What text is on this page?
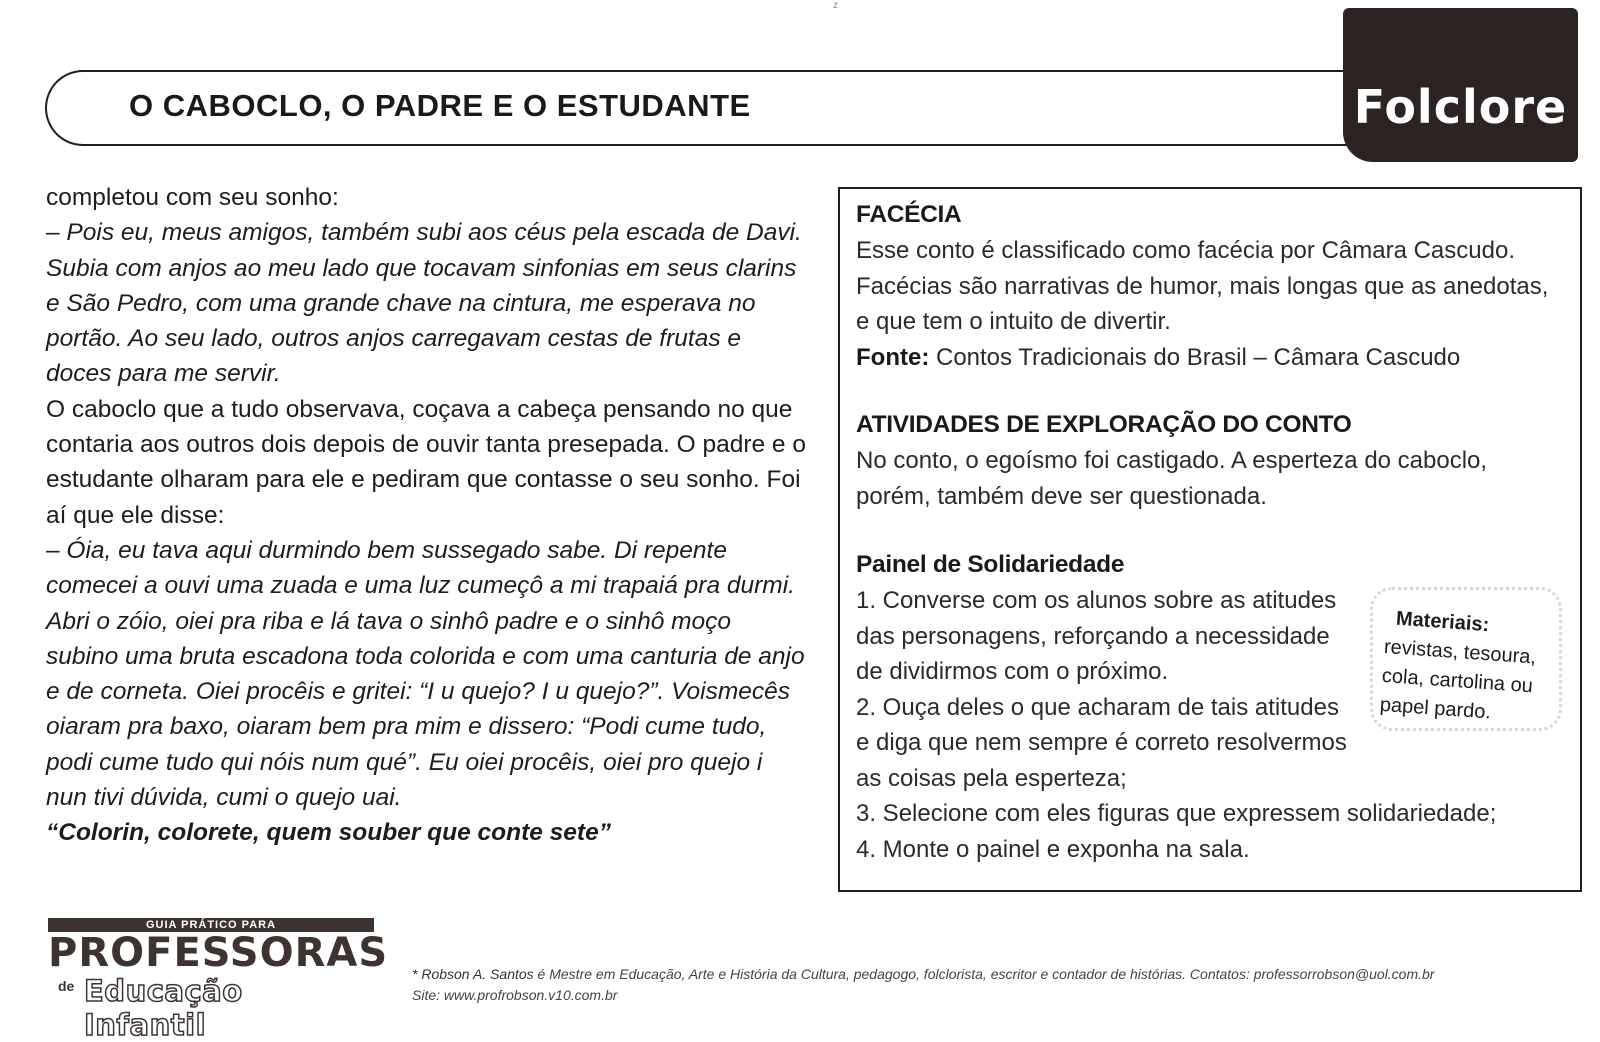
z
O CABOCLO, O PADRE E O ESTUDANTE	Folclore

completou com seu sonho:

– Pois eu, meus amigos, também subi aos céus pela escada de Davi. Subia com anjos ao meu lado que tocavam sinfonias em seus clarins e São Pedro, com uma grande chave na cintura, me esperava no portão. Ao seu lado, outros anjos carregavam cestas de frutas e doces para me servir.

O caboclo que a tudo observava, coçava a cabeça pensando no que contaria aos outros dois depois de ouvir tanta presepada. O padre e o estudante olharam para ele e pediram que contasse o seu sonho. Foi aí que ele disse:

– Óia, eu tava aqui durmindo bem sussegado sabe. Di repente comecei a ouvi uma zuada e uma luz cumeçô a mi trapaiá pra durmi. Abri o zóio, oiei pra riba e lá tava o sinhô padre e o sinhô moço subino uma bruta escadona toda colorida e com uma canturia de anjo e de corneta. Oiei procêis e gritei: “I u quejo? I u quejo?”. Voismecês oiaram pra baxo, oiaram bem pra mim e dissero: “Podi cume tudo, podi cume tudo qui nóis num qué”. Eu oiei procêis, oiei pro quejo i nun tivi dúvida, cumi o quejo uai.

“Colorin, colorete, quem souber que conte sete”

FACÉCIA

Esse conto é classificado como facécia por Câmara Cascudo. Facécias são narrativas de humor, mais longas que as anedotas, e que tem o intuito de divertir.

Fonte: Contos Tradicionais do Brasil – Câmara Cascudo

ATIVIDADES DE EXPLORAÇÃO DO CONTO
No conto, o egoísmo foi castigado. A esperteza do caboclo, porém, também deve ser questionada.
Painel de Solidariedade

1. Converse com os alunos sobre as atitudes das personagens, reforçando a necessidade de dividirmos com o próximo.

2. Ouça deles o que acharam de tais atitudes e diga que nem sempre é correto resolvermos as coisas pela esperteza;

3. Selecione com eles figuras que expressem solidariedade;

4. Monte o painel e exponha na sala.

Materiais:
revistas, tesoura, cola, cartolina ou papel pardo.
GUIA PRÁTICO PARA
PROFESSORAS
de Educação Infantil
* Robson A. Santos é Mestre em Educação, Arte e História da Cultura, pedagogo, folclorista, escritor e contador de histórias. Contatos: professorrobson@uol.com.br
Site: www.profrobson.v10.com.br
